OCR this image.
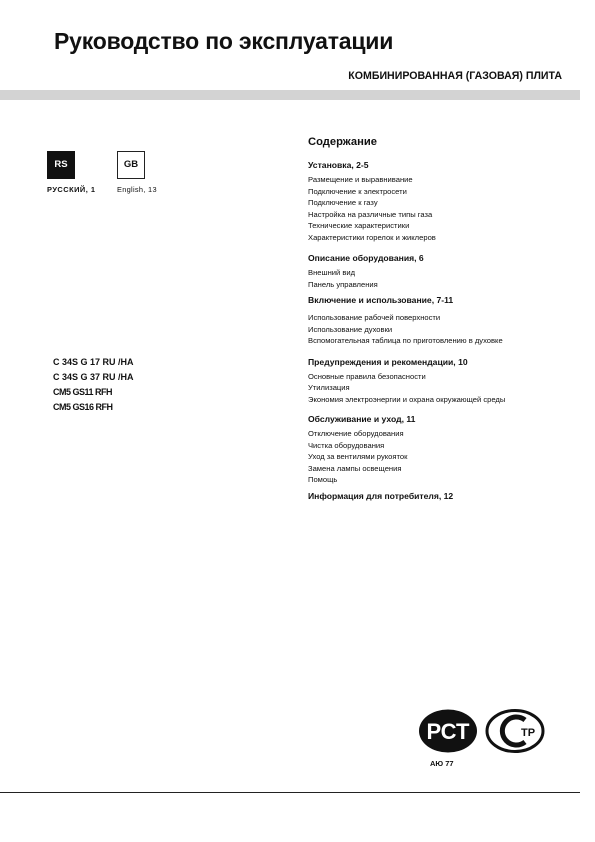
Руководство по эксплуатации
КОМБИНИРОВАННАЯ (ГАЗОВАЯ) ПЛИТА
RS	GB
РУССКИЙ, 1	English, 13
C 34S G 17 RU /HA
C 34S G 37 RU /HA
CM5 GS11 RFH
CM5 GS16 RFH
Содержание
Установка, 2-5
Размещение и выравнивание
Подключение к электросети
Подключение к газу
Настройка на различные типы газа
Технические характеристики
Характеристики горелок и жиклеров
Описание оборудования, 6
Внешний вид
Панель управления
Включение и использование, 7-11
Использование рабочей поверхности
Использование духовки
Вспомогательная таблица по приготовлению в духовке
Предупреждения и рекомендации, 10
Основные правила безопасности
Утилизация
Экономия электроэнергии и охрана окружающей среды
Обслуживание и уход, 11
Отключение оборудования
Чистка оборудования
Уход за вентилями рукояток
Замена лампы освещения
Помощь
Информация для потребителя, 12
РСТ	ТР
АЮ 77
